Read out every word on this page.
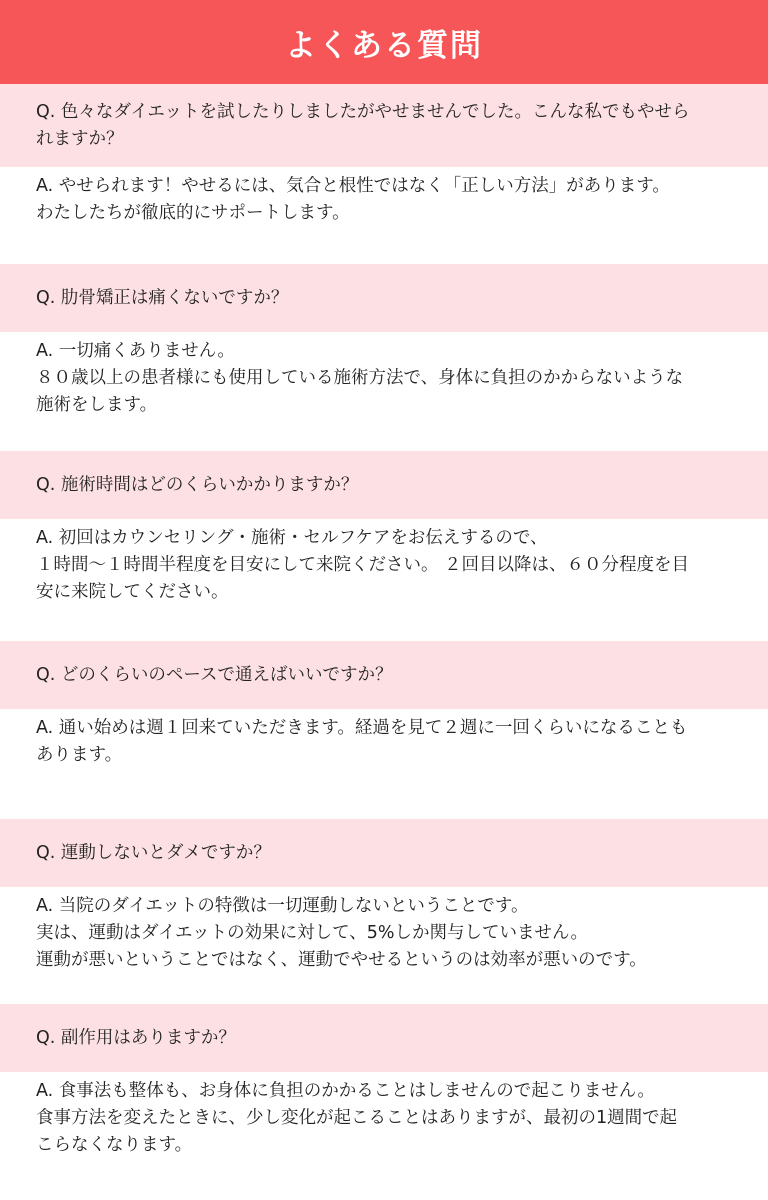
よくある質問
Q. 色々なダイエットを試したりしましたがやせませんでした。こんな私でもやせら
れますか？
A. やせられます！やせるには、気合と根性ではなく「正しい方法」があります。
わたしたちが徹底的にサポートします。
Q. 肋骨矯正は痛くないですか？
A. 一切痛くありません。
８０歳以上の患者様にも使用している施術方法で、身体に負担のかからないような
施術をします。
Q. 施術時間はどのくらいかかりますか？
A. 初回はカウンセリング・施術・セルフケアをお伝えするので、
１時間～１時間半程度を目安にして来院ください。 ２回目以降は、６０分程度を目
安に来院してください。
Q. どのくらいのペースで通えばいいですか？
A. 通い始めは週１回来ていただきます。経過を見て２週に一回くらいになることも
あります。
Q. 運動しないとダメですか？
A. 当院のダイエットの特徴は一切運動しないということです。
実は、運動はダイエットの効果に対して、5%しか関与していません。
運動が悪いということではなく、運動でやせるというのは効率が悪いのです。
Q. 副作用はありますか？
A. 食事法も整体も、お身体に負担のかかることはしませんので起こりません。
食事方法を変えたときに、少し変化が起こることはありますが、最初の1週間で起
こらなくなります。
